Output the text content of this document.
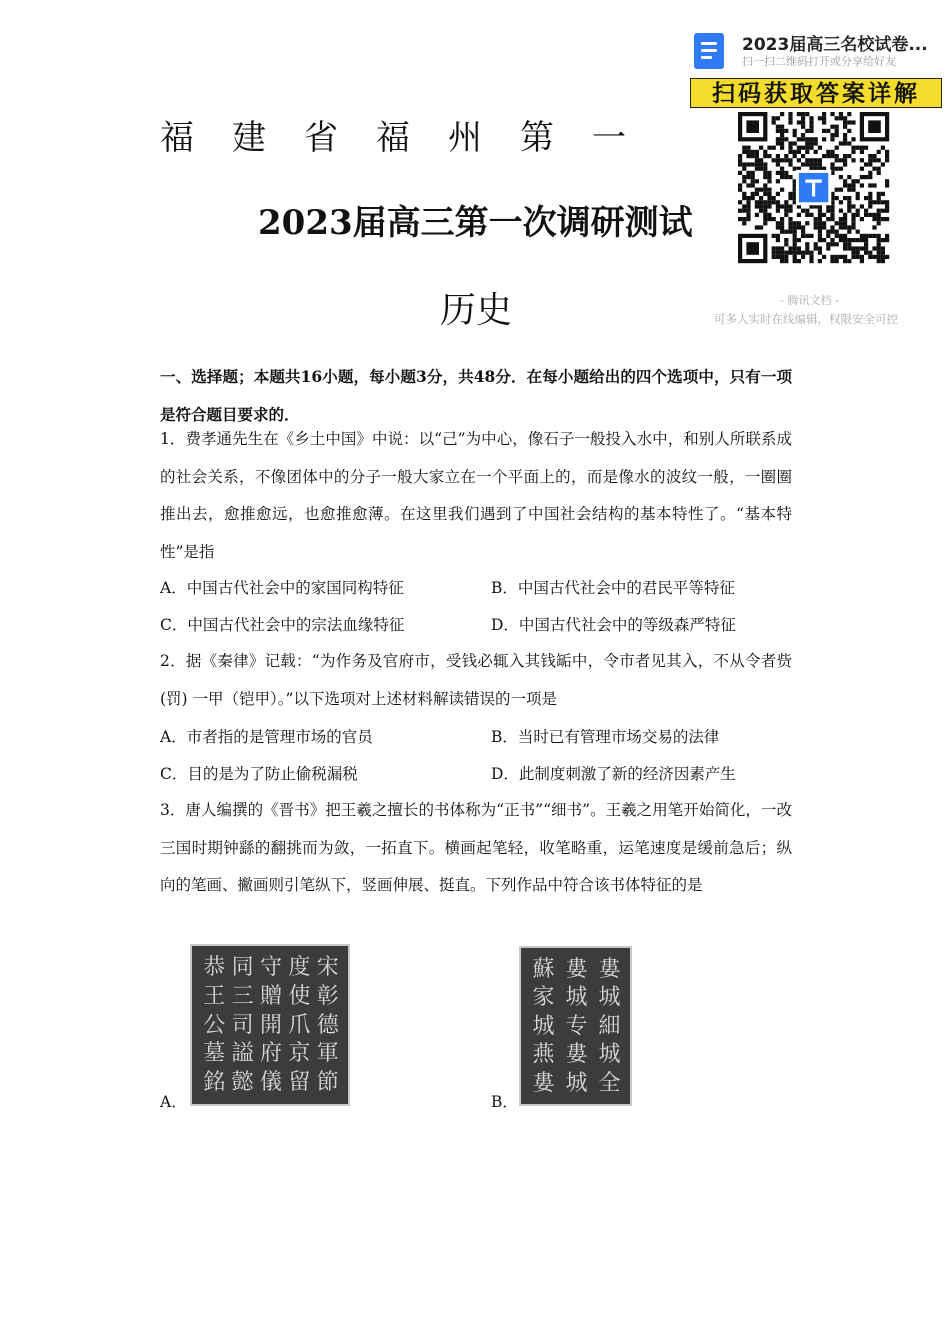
福 建 省 福 州 第 一
2023届高三第一次调研测试
历史
2023届高三名校试卷...
扫一扫二维码打开或分享给好友
扫码获取答案详解
- 腾讯文档 -
可多人实时在线编辑，权限安全可控
一、选择题；本题共16小题，每小题3分，共48分．在每小题给出的四个选项中，只有一项是符合题目要求的．
1．费孝通先生在《乡土中国》中说：以“己”为中心，像石子一般投入水中，和别人所联系成的社会关系，不像团体中的分子一般大家立在一个平面上的，而是像水的波纹一般，一圈圈推出去，愈推愈远，也愈推愈薄。在这里我们遇到了中国社会结构的基本特性了。“基本特性”是指
A．中国古代社会中的家国同构特征	B．中国古代社会中的君民平等特征
C．中国古代社会中的宗法血缘特征	D．中国古代社会中的等级森严特征
2．据《秦律》记载：“为作务及官府市，受钱必辄入其钱缿中，令市者见其入，不从令者赀(罚) 一甲（铠甲）。”以下选项对上述材料解读错误的一项是
A．市者指的是管理市场的官员	B．当时已有管理市场交易的法律
C．目的是为了防止偷税漏税	D．此制度刺激了新的经济因素产生
3．唐人编撰的《晋书》把王羲之擅长的书体称为“正书”“细书”。王羲之用笔开始简化，一改三国时期钟繇的翻挑而为敛，一拓直下。横画起笔轻，收笔略重，运笔速度是缓前急后；纵向的笔画、撇画则引笔纵下，竖画伸展、挺直。下列作品中符合该书体特征的是
恭 同 守 度 宋
王 三 贈 使 彰
公 司 開 爪 德
墓 謚 府 京 軍
銘 懿 儀 留 節
A．
蘇 婁 婁
家 城 城
城 专 細
燕 婁 城
婁 城 全
B．
